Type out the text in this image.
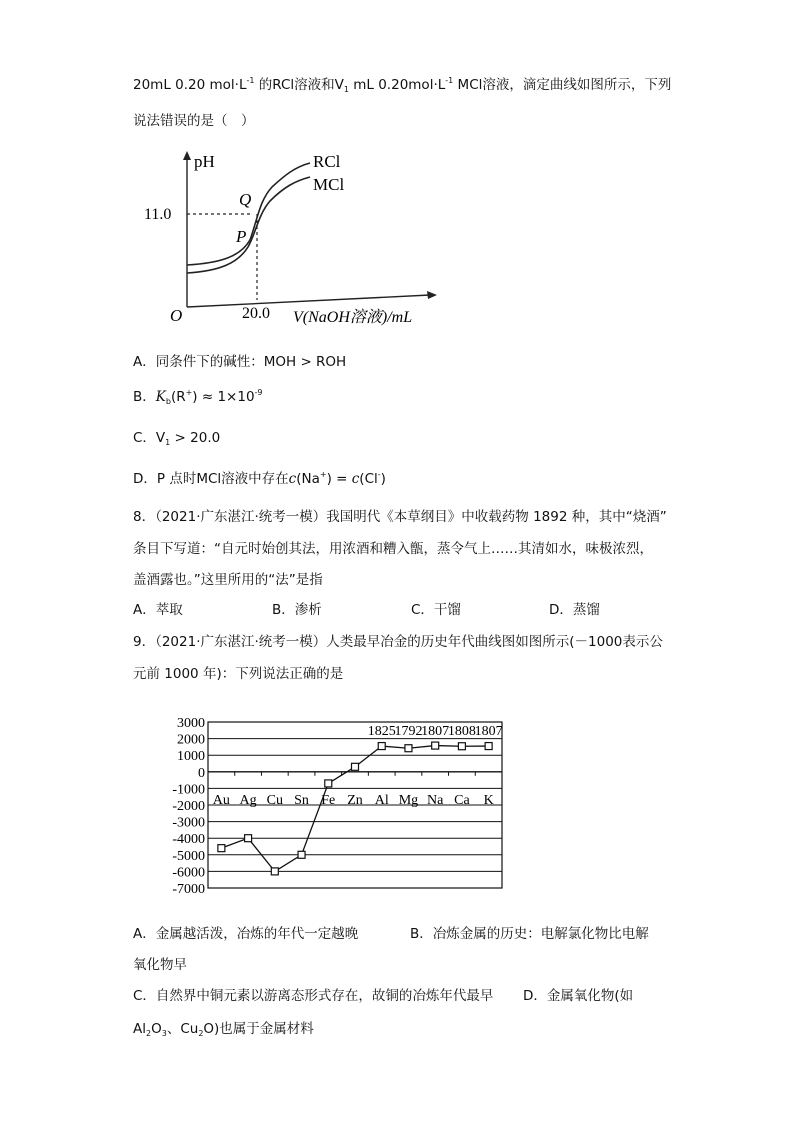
20mL 0.20 $mol\cdot L^{-1}$ 的RCl溶液和$V_1$ mL $0.20mol\cdot L^{-1}$ MCl溶液，滴定曲线如图所示，下列
说法错误的是（　）
pH
O
11.0
20.0 V(NaOH溶液)/mL
Q
P
RCl
MCl
A．同条件下的碱性：MOH > ROH
B．$K_b(R^+) \approx 1\times 10^{-9}$
C．$V_1 > 20.0$
D．P 点时MCl溶液中存在c(Na+) = c(Cl-)
8．（2021·广东湛江·统考一模）我国明代《本草纲目》中收载药物 1892 种，其中“烧酒”
条目下写道：“自元时始创其法，用浓酒和糟入甑，蒸令气上……其清如水，味极浓烈，
盖酒露也。”这里所用的“法”是指
A．萃取	B．渗析	C．干馏	D．蒸馏
9．（2021·广东湛江·统考一模）人类最早冶金的历史年代曲线图如图所示(－1000表示公
元前 1000 年)：下列说法正确的是
3000
2000
1000
0
-1000
-2000
-3000
-4000
-5000
-6000
-7000
Au Ag Cu Sn Fe Zn Al Mg Na Ca K
1825
1792
1807
1808
1807
A．金属越活泼，冶炼的年代一定越晚	B．冶炼金属的历史：电解氯化物比电解
氧化物早
C．自然界中铜元素以游离态形式存在，故铜的冶炼年代最早 D．金属氧化物(如
$Al_2O_3$、$Cu_2O$)也属于金属材料
